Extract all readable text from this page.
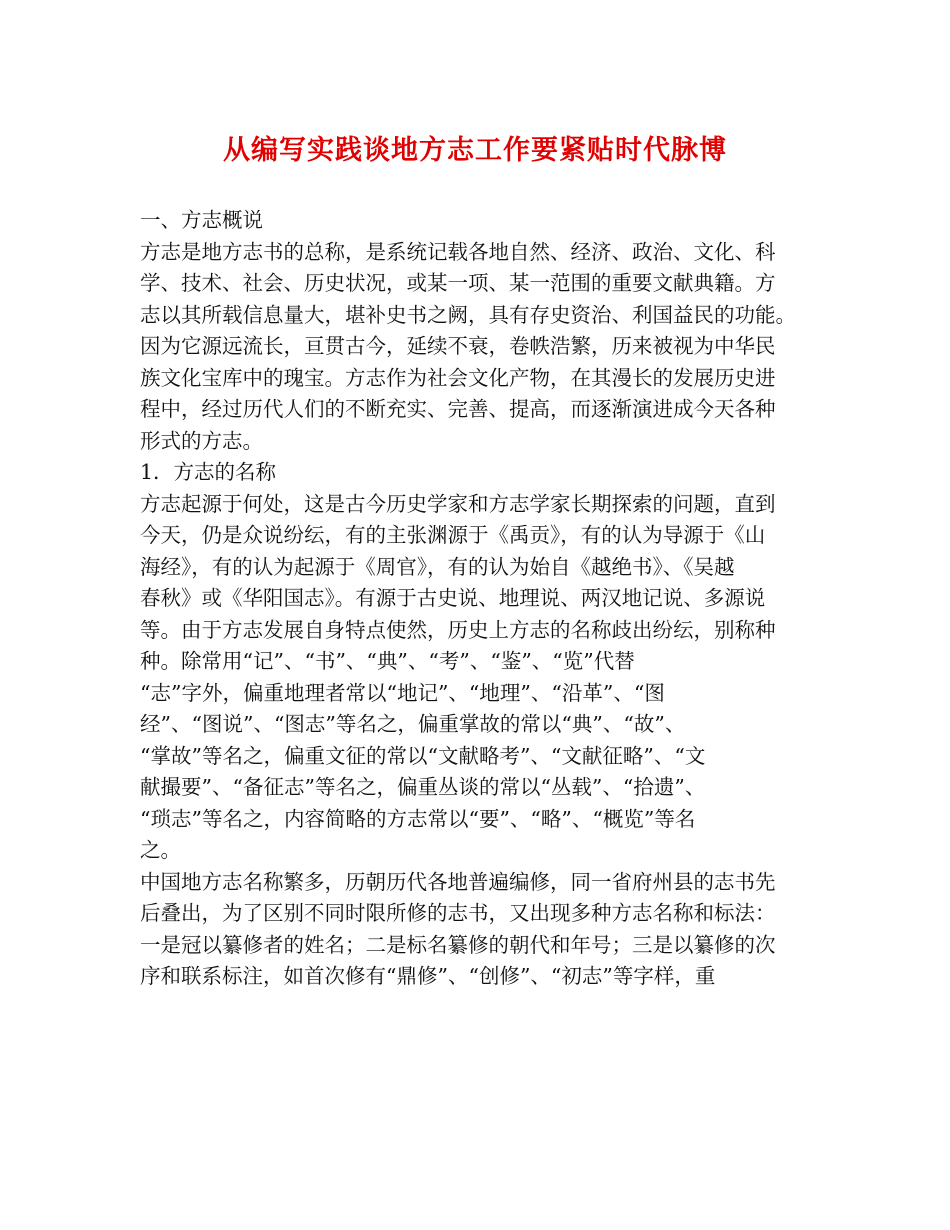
从编写实践谈地方志工作要紧贴时代脉博
一、方志概说
方志是地方志书的总称，是系统记载各地自然、经济、政治、文化、科
学、技术、社会、历史状况，或某一项、某一范围的重要文献典籍。方
志以其所载信息量大，堪补史书之阙，具有存史资治、利国益民的功能。
因为它源远流长，亘贯古今，延续不衰，卷帙浩繁，历来被视为中华民
族文化宝库中的瑰宝。方志作为社会文化产物，在其漫长的发展历史进
程中，经过历代人们的不断充实、完善、提高，而逐渐演进成今天各种
形式的方志。
1．方志的名称
方志起源于何处，这是古今历史学家和方志学家长期探索的问题，直到
今天，仍是众说纷纭，有的主张渊源于《禹贡》，有的认为导源于《山
海经》，有的认为起源于《周官》，有的认为始自《越绝书》、《吴越
春秋》或《华阳国志》。有源于古史说、地理说、两汉地记说、多源说
等。由于方志发展自身特点使然，历史上方志的名称歧出纷纭，别称种
种。除常用“记”、“书”、“典”、“考”、“鉴”、“览”代替
“志”字外，偏重地理者常以“地记”、“地理”、“沿革”、“图
经”、“图说”、“图志”等名之，偏重掌故的常以“典”、“故”、
“掌故”等名之，偏重文征的常以“文献略考”、“文献征略”、“文
献撮要”、“备征志”等名之，偏重丛谈的常以“丛载”、“拾遗”、
“琐志”等名之，内容简略的方志常以“要”、“略”、“概览”等名
之。
中国地方志名称繁多，历朝历代各地普遍编修，同一省府州县的志书先
后叠出，为了区别不同时限所修的志书，又出现多种方志名称和标法：
一是冠以纂修者的姓名；二是标名纂修的朝代和年号；三是以纂修的次
序和联系标注，如首次修有“鼎修”、“创修”、“初志”等字样，重
